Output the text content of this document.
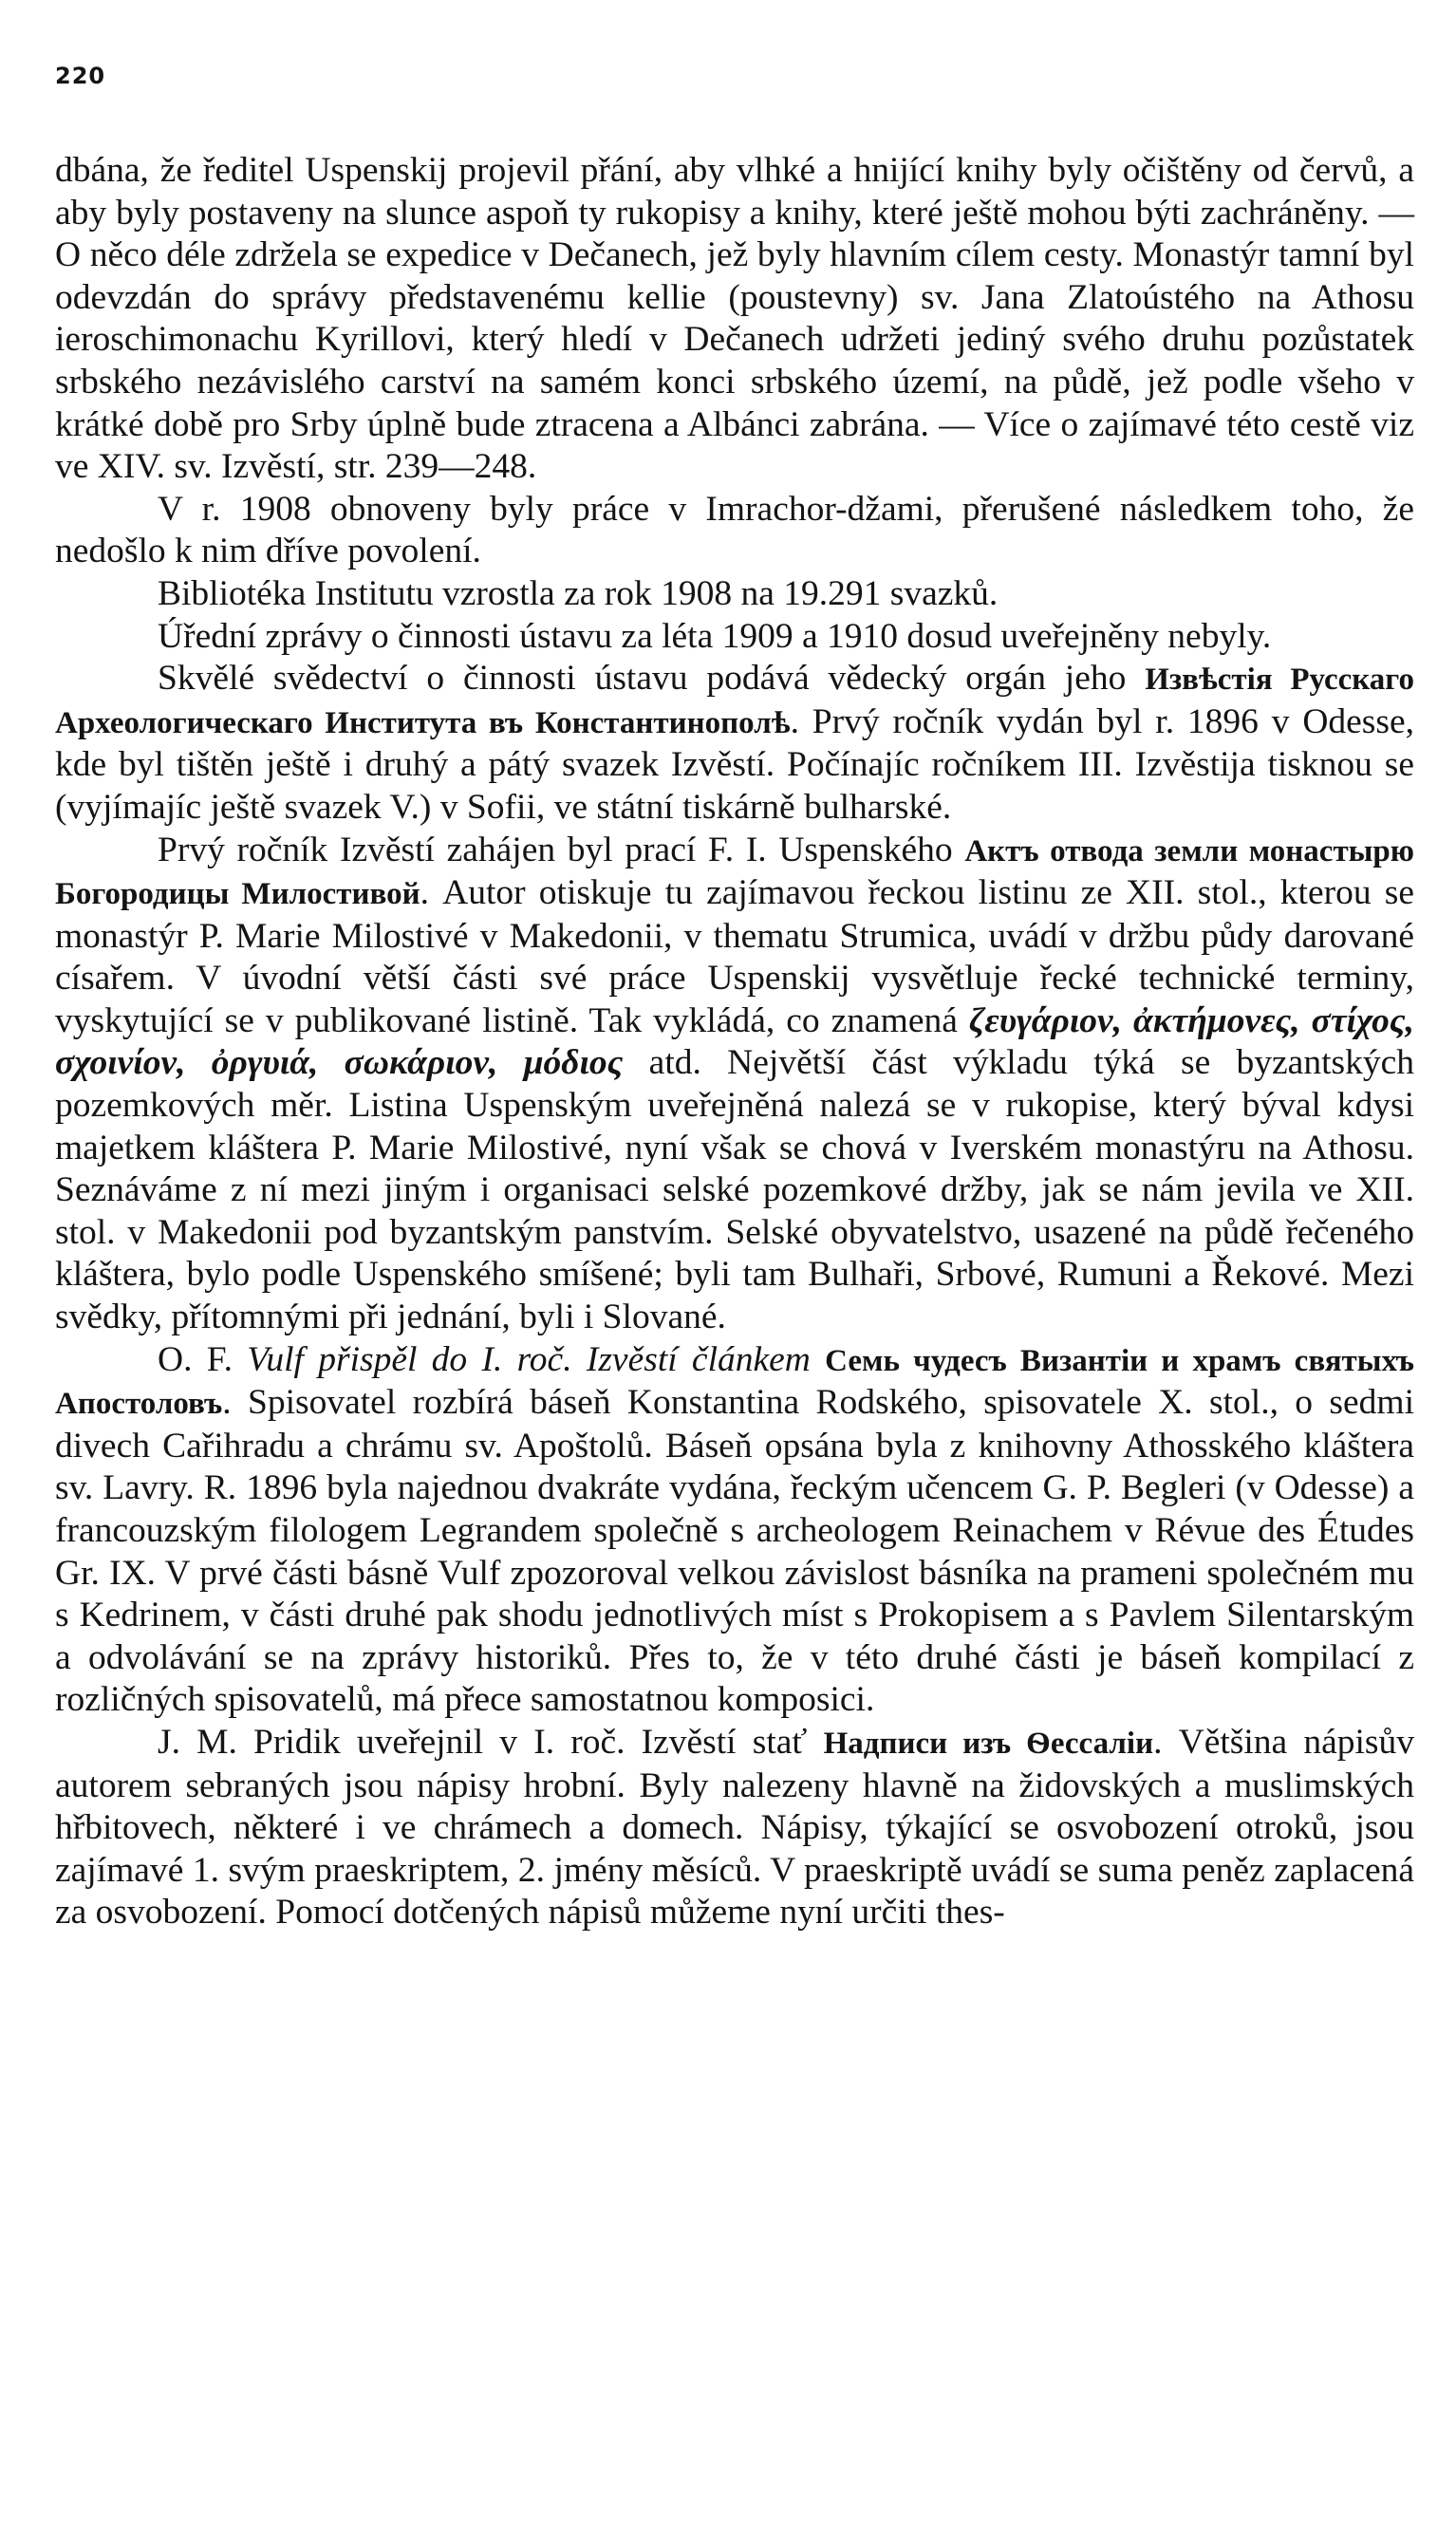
220

dbána, že ředitel Uspenskij projevil přání, aby vlhké a hnijící knihy byly očištěny od červů, a aby byly postaveny na slunce aspoň ty rukopisy a knihy, které ještě mohou býti zachráněny. — O něco déle zdržela se expedice v Dečanech, jež byly hlavním cílem cesty. Monastýr tamní byl odevzdán do správy představenému kellie (poustevny) sv. Jana Zlatoústého na Athosu ieroschimonachu Kyrillovi, který hledí v Dečanech udržeti jediný svého druhu pozůstatek srbského nezávislého carství na samém konci srbského území, na půdě, jež podle všeho v krátké době pro Srby úplně bude ztracena a Albánci zabrána. — Více o zajímavé této cestě viz ve XIV. sv. Izvěstí, str. 239—248.

V r. 1908 obnoveny byly práce v Imrachor-džami, přerušené následkem toho, že nedošlo k nim dříve povolení.

Bibliotéka Institutu vzrostla za rok 1908 na 19.291 svazků.

Úřední zprávy o činnosti ústavu za léta 1909 a 1910 dosud uveřejněny nebyly.

Skvělé svědectví o činnosti ústavu podává vědecký orgán jeho Извѣстія Русскаго Археологическаго Института въ Константинополѣ. Prvý ročník vydán byl r. 1896 v Odesse, kde byl tištěn ještě i druhý a pátý svazek Izvěstí. Počínajíc ročníkem III. Izvěstija tisknou se (vyjímajíc ještě svazek V.) v Sofii, ve státní tiskárně bulharské.

Prvý ročník Izvěstí zahájen byl prací F. I. Uspenského Актъ отвода земли монастырю Богородицы Милостивой. Autor otiskuje tu zajímavou řeckou listinu ze XII. stol., kterou se monastýr P. Marie Milostivé v Makedonii, v thematu Strumica, uvádí v držbu půdy darované císařem. V úvodní větší části své práce Uspenskij vysvětluje řecké technické terminy, vyskytující se v publikované listině. Tak vykládá, co znamená ζευγάριον, ἀκτήμονες, στίχος, σχοινίον, ὀργυιά, σωκάριον, μόδιος atd. Největší část výkladu týká se byzantských pozemkových měr. Listina Uspenským uveřejněná nalezá se v rukopise, který býval kdysi majetkem kláštera P. Marie Milostivé, nyní však se chová v Iverském monastýru na Athosu. Seznáváme z ní mezi jiným i organisaci selské pozemkové držby, jak se nám jevila ve XII. stol. v Makedonii pod byzantským panstvím. Selské obyvatelstvo, usazené na půdě řečeného kláštera, bylo podle Uspenského smíšené; byli tam Bulhaři, Srbové, Rumuni a Řekové. Mezi svědky, přítomnými při jednání, byli i Slované.

O. F. Vulf přispěl do I. roč. Izvěstí článkem Семь чудесъ Византіи и храмъ святыхъ Апостоловъ. Spisovatel rozbírá báseň Konstantina Rodského, spisovatele X. stol., o sedmi divech Cařihradu a chrámu sv. Apoštolů. Báseň opsána byla z knihovny Athosského kláštera sv. Lavry. R. 1896 byla najednou dvakráte vydána, řeckým učencem G. P. Begleri (v Odesse) a francouzským filologem Legrandem společně s archeologem Reinachem v Révue des Études Gr. IX. V prvé části básně Vulf zpozoroval velkou závislost básníka na prameni společném mu s Kedrinem, v části druhé pak shodu jednotlivých míst s Prokopisem a s Pavlem Silentarským a odvolávání se na zprávy historiků. Přes to, že v této druhé části je báseň kompilací z rozličných spisovatelů, má přece samostatnou komposici.

J. M. Pridik uveřejnil v I. roč. Izvěstí stať Надписи изъ Ѳессаліи. Většina nápisův autorem sebraných jsou nápisy hrobní. Byly nalezeny hlavně na židovských a muslimských hřbitovech, některé i ve chrámech a domech. Nápisy, týkající se osvobození otroků, jsou zajímavé 1. svým praeskriptem, 2. jmény měsíců. V praeskriptě uvádí se suma peněz zaplacená za osvobození. Pomocí dotčených nápisů můžeme nyní určiti thes-
